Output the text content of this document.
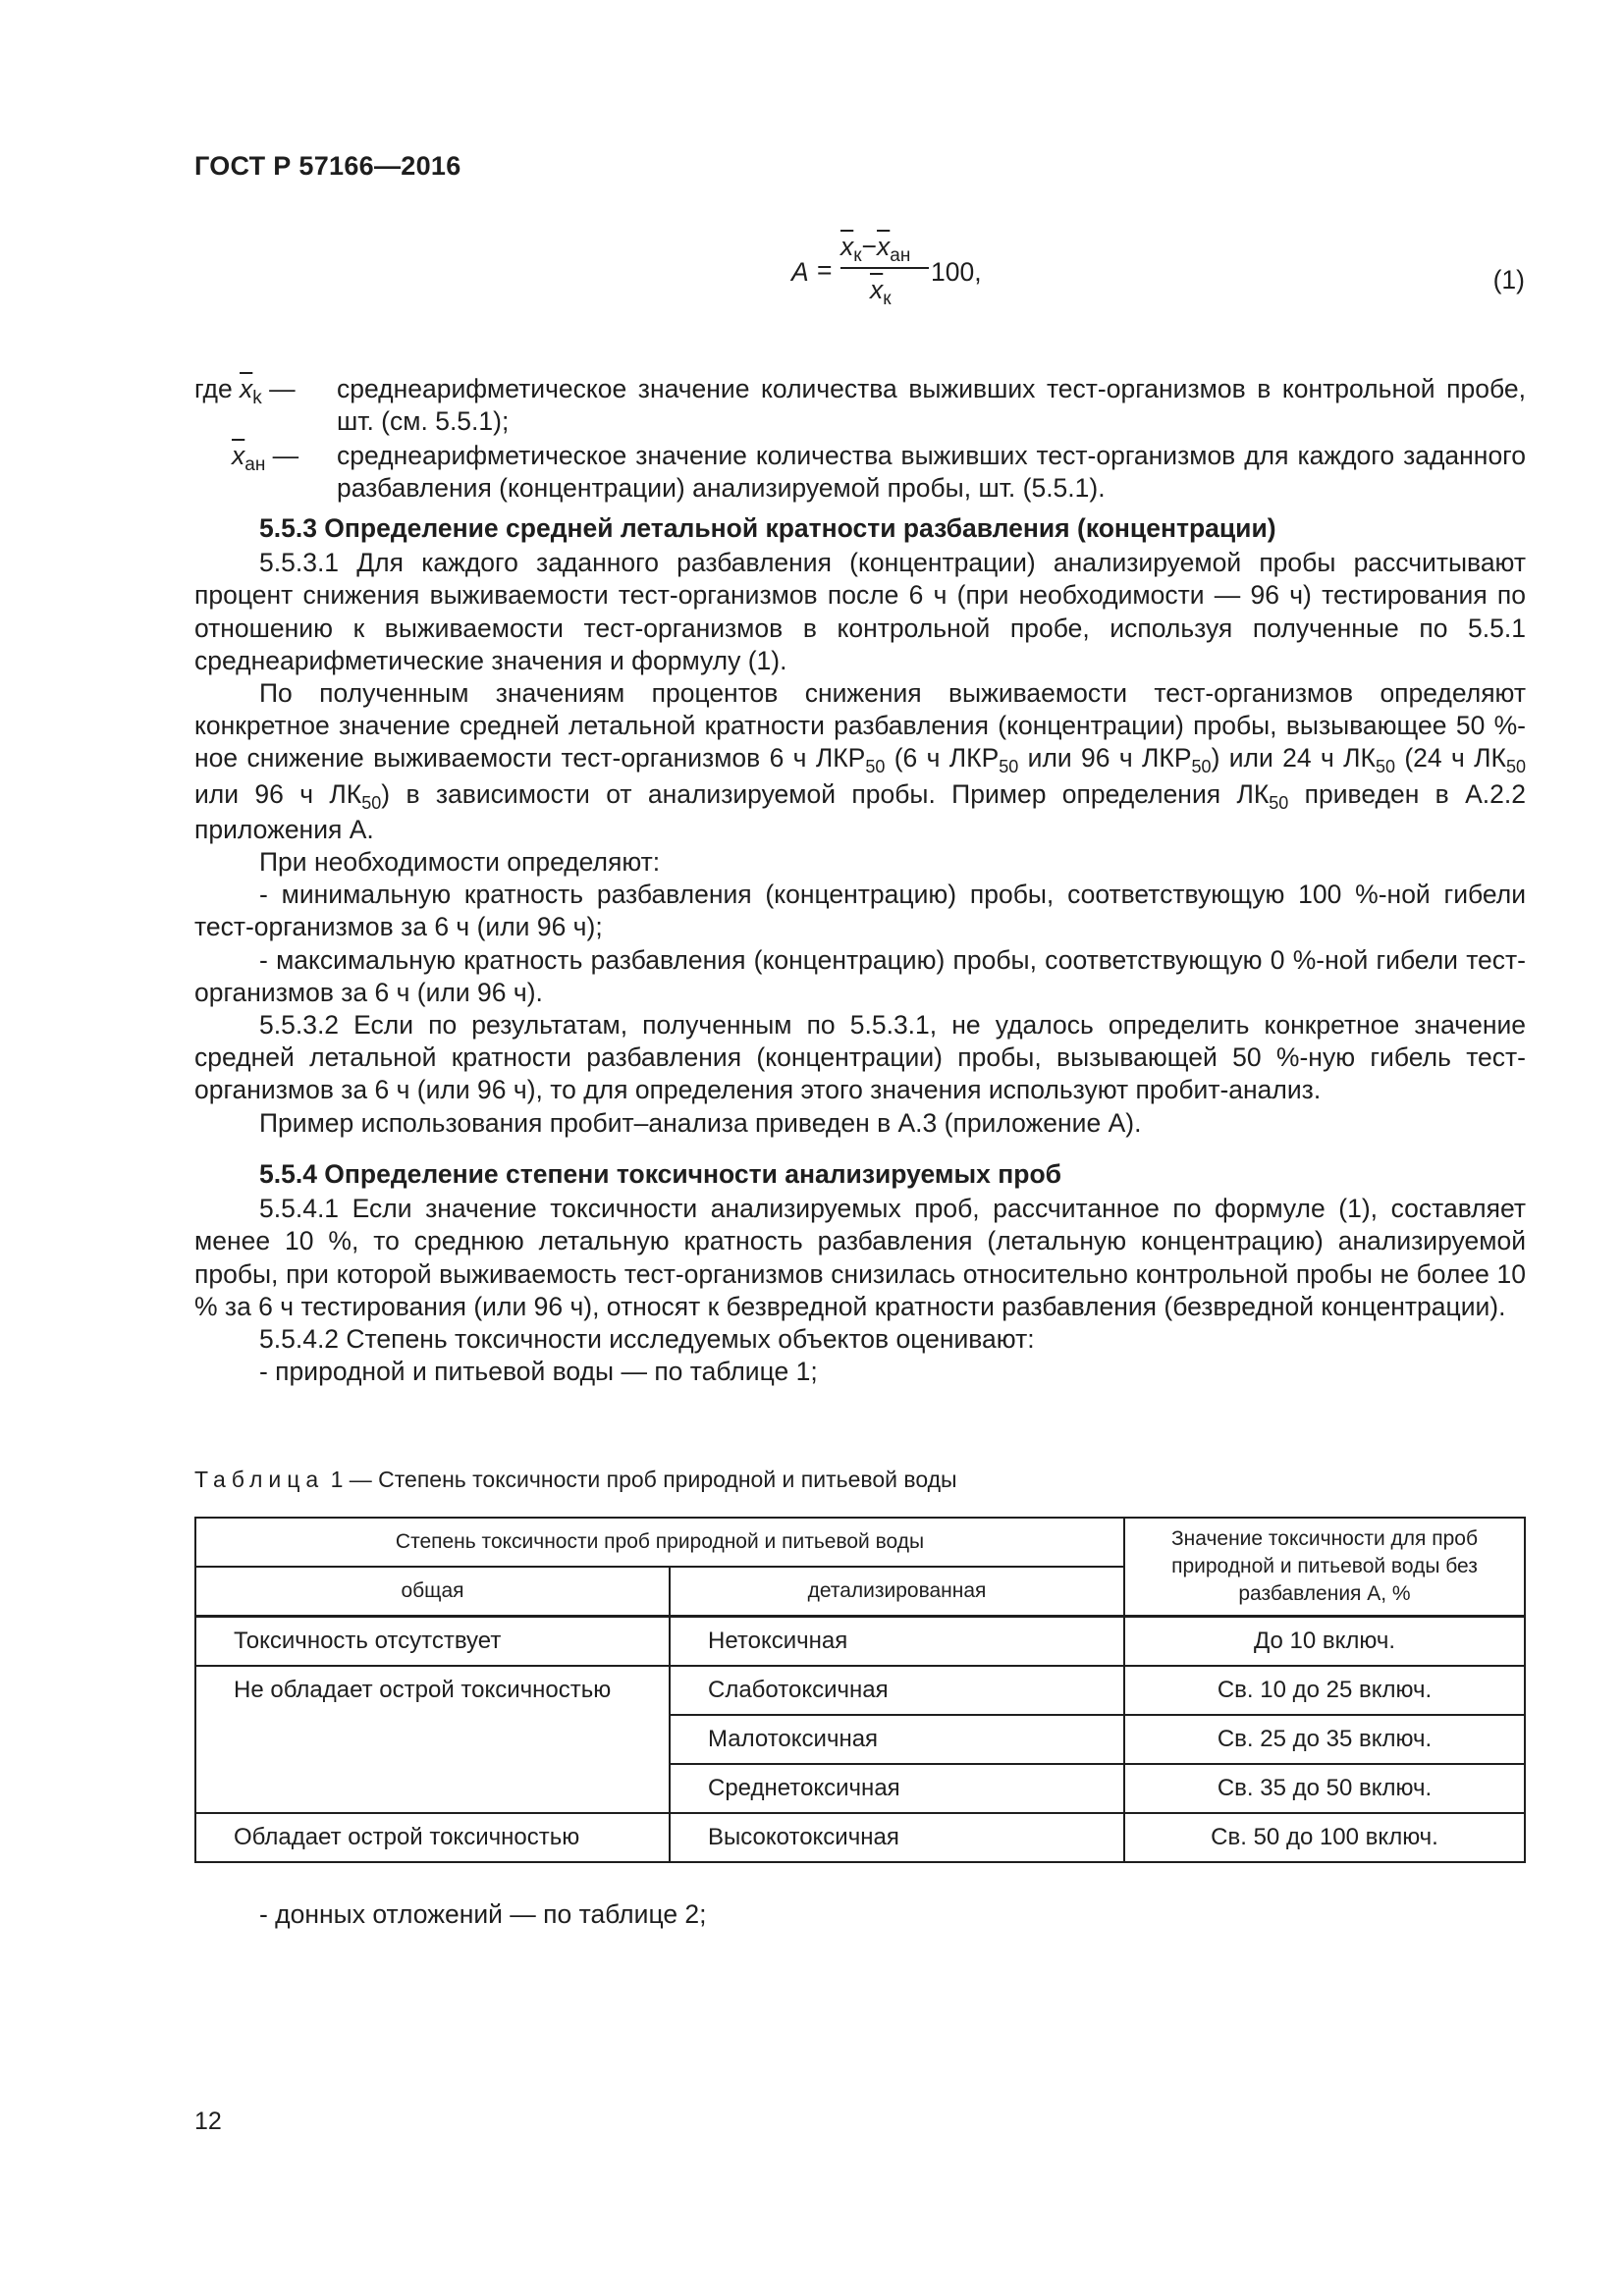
ГОСТ Р 57166—2016
A =
$\overline{x}_к-\overline{x}_{ан}$
$\overline{x}_к$
100,	(1)
где $\overline{x}_k$ — среднеарифметическое значение количества выживших тест-организмов в контрольной пробе, шт. (см. 5.5.1);
$\overline{x}_{ан}$ — среднеарифметическое значение количества выживших тест-организмов для каждого заданного разбавления (концентрации) анализируемой пробы, шт. (5.5.1).

5.5.3 Определение средней летальной кратности разбавления (концентрации)

5.5.3.1 Для каждого заданного разбавления (концентрации) анализируемой пробы рассчитывают процент снижения выживаемости тест-организмов после 6 ч (при необходимости — 96 ч) тестирования по отношению к выживаемости тест-организмов в контрольной пробе, используя полученные по 5.5.1 среднеарифметические значения и формулу (1).

По полученным значениям процентов снижения выживаемости тест-организмов определяют конкретное значение средней летальной кратности разбавления (концентрации) пробы, вызывающее 50 %-ное снижение выживаемости тест-организмов 6 ч $ЛКР_{50}$ (6 ч $ЛКР_{50}$ или 96 ч $ЛКР_{50}$) или 24 ч $ЛК_{50}$ (24 ч $ЛК_{50}$ или 96 ч $ЛК_{50}$) в зависимости от анализируемой пробы. Пример определения $ЛК_{50}$ приведен в А.2.2 приложения А.

При необходимости определяют:

- минимальную кратность разбавления (концентрацию) пробы, соответствующую 100 %-ной гибели тест-организмов за 6 ч (или 96 ч);

- максимальную кратность разбавления (концентрацию) пробы, соответствующую 0 %-ной гибели тест-организмов за 6 ч (или 96 ч).

5.5.3.2 Если по результатам, полученным по 5.5.3.1, не удалось определить конкретное значение средней летальной кратности разбавления (концентрации) пробы, вызывающей 50 %-ную гибель тест-организмов за 6 ч (или 96 ч), то для определения этого значения используют пробит-анализ.

Пример использования пробит–анализа приведен в А.3 (приложение А).

5.5.4 Определение степени токсичности анализируемых проб

5.5.4.1 Если значение токсичности анализируемых проб, рассчитанное по формуле (1), составляет менее 10 %, то среднюю летальную кратность разбавления (летальную концентрацию) анализируемой пробы, при которой выживаемость тест-организмов снизилась относительно контрольной пробы не более 10 % за 6 ч тестирования (или 96 ч), относят к безвредной кратности разбавления (безвредной концентрации).

5.5.4.2 Степень токсичности исследуемых объектов оценивают:

- природной и питьевой воды — по таблице 1;

Таблица 1 — Степень токсичности проб природной и питьевой воды
Степень токсичности проб природной и питьевой воды		Значение токсичности для проб природной и питьевой воды без разбавления А, %
общая	детализированная	
Токсичность отсутствует	Нетоксичная	До 10 включ.
Не обладает острой токсичностью	Слаботоксичная	Св. 10 до 25 включ.
	Малотоксичная	Св. 25 до 35 включ.
	Среднетоксичная	Св. 35 до 50 включ.
Обладает острой токсичностью	Высокотоксичная	Св. 50 до 100 включ.
- донных отложений — по таблице 2;
12
